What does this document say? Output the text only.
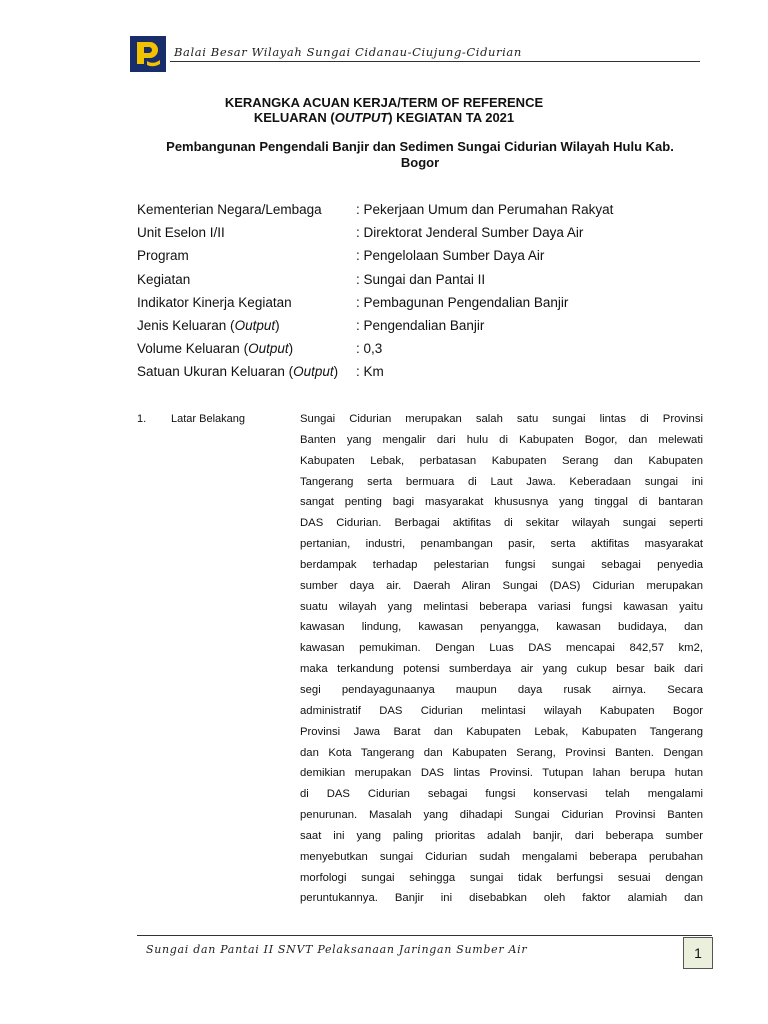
Balai Besar Wilayah Sungai Cidanau-Ciujung-Cidurian
KERANGKA ACUAN KERJA/TERM OF REFERENCE
KELUARAN (OUTPUT) KEGIATAN TA 2021
Pembangunan Pengendali Banjir dan Sedimen Sungai Cidurian Wilayah Hulu Kab. Bogor
Kementerian Negara/Lembaga	: Pekerjaan Umum dan Perumahan Rakyat
Unit Eselon I/II	: Direktorat Jenderal Sumber Daya Air
Program	: Pengelolaan Sumber Daya Air
Kegiatan	: Sungai dan Pantai II
Indikator Kinerja Kegiatan	: Pembagunan Pengendalian Banjir
Jenis Keluaran (Output)	: Pengendalian Banjir
Volume Keluaran (Output)	: 0,3
Satuan Ukuran Keluaran (Output) : Km
1. Latar Belakang	Sungai Cidurian merupakan salah satu sungai lintas di Provinsi
Banten yang mengalir dari hulu di Kabupaten Bogor, dan melewati
Kabupaten Lebak, perbatasan Kabupaten Serang dan Kabupaten
Tangerang serta bermuara di Laut Jawa. Keberadaan sungai ini
sangat penting bagi masyarakat khususnya yang tinggal di bantaran
DAS Cidurian. Berbagai aktifitas di sekitar wilayah sungai seperti
pertanian, industri, penambangan pasir, serta aktifitas masyarakat
berdampak terhadap pelestarian fungsi sungai sebagai penyedia
sumber daya air. Daerah Aliran Sungai (DAS) Cidurian merupakan
suatu wilayah yang melintasi beberapa variasi fungsi kawasan yaitu
kawasan lindung, kawasan penyangga, kawasan budidaya, dan
kawasan pemukiman. Dengan Luas DAS mencapai 842,57 km2,
maka terkandung potensi sumberdaya air yang cukup besar baik dari
segi pendayagunaanya maupun daya rusak airnya. Secara
administratif DAS Cidurian melintasi wilayah Kabupaten Bogor
Provinsi Jawa Barat dan Kabupaten Lebak, Kabupaten Tangerang
dan Kota Tangerang dan Kabupaten Serang, Provinsi Banten. Dengan
demikian merupakan DAS lintas Provinsi. Tutupan lahan berupa hutan
di DAS Cidurian sebagai fungsi konservasi telah mengalami
penurunan. Masalah yang dihadapi Sungai Cidurian Provinsi Banten
saat ini yang paling prioritas adalah banjir, dari beberapa sumber
menyebutkan sungai Cidurian sudah mengalami beberapa perubahan
morfologi sungai sehingga sungai tidak berfungsi sesuai dengan
peruntukannya. Banjir ini disebabkan oleh faktor alamiah dan
Sungai dan Pantai II SNVT Pelaksanaan Jaringan Sumber Air	1
